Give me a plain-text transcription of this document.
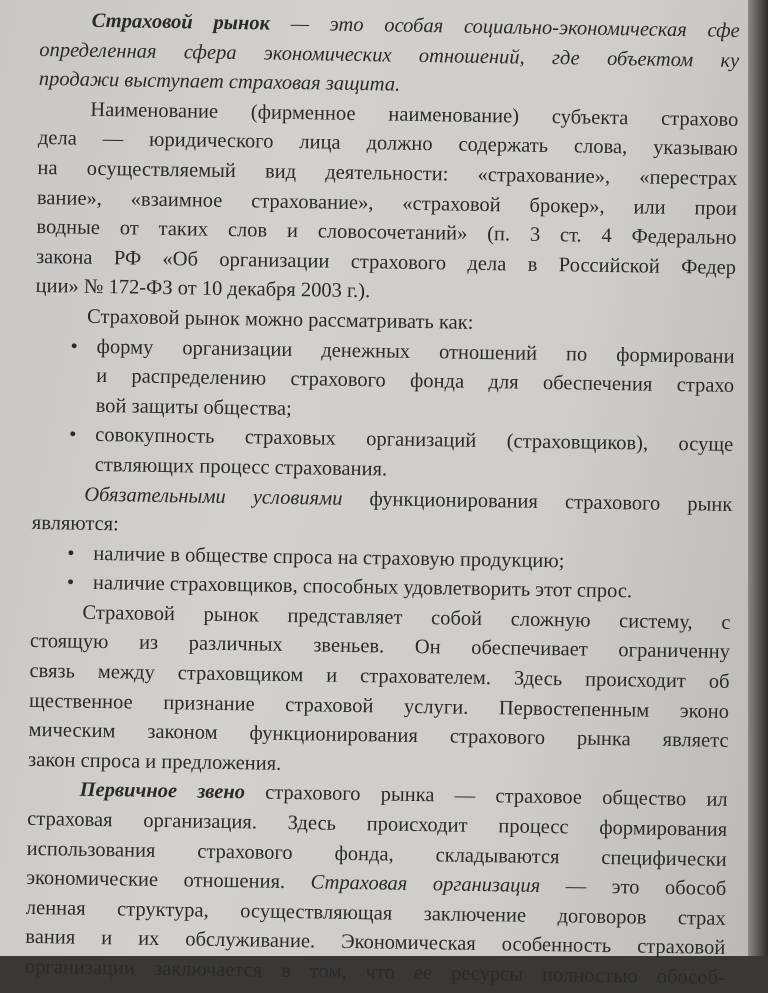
Страховой рынок — это особая социально-экономическая сфе
определенная сфера экономических отношений, где объектом ку
продажи выступает страховая защита.
Наименование (фирменное наименование) субъекта страхово
дела — юридического лица должно содержать слова, указываю
на осуществляемый вид деятельности: «страхование», «перестрах
вание», «взаимное страхование», «страховой брокер», или прои
водные от таких слов и словосочетаний» (п. 3 ст. 4 Федерально
закона РФ «Об организации страхового дела в Российской Федер
ции» № 172-ФЗ от 10 декабря 2003 г.).
Страховой рынок можно рассматривать как:
• форму организации денежных отношений по формировани
и распределению страхового фонда для обеспечения страхо
вой защиты общества;
• совокупность страховых организаций (страховщиков), осуще
ствляющих процесс страхования.
Обязательными условиями функционирования страхового рынк
являются:
• наличие в обществе спроса на страховую продукцию;
• наличие страховщиков, способных удовлетворить этот спрос.
Страховой рынок представляет собой сложную систему, с
стоящую из различных звеньев. Он обеспечивает ограниченну
связь между страховщиком и страхователем. Здесь происходит об
щественное признание страховой услуги. Первостепенным эконо
мическим законом функционирования страхового рынка являетс
закон спроса и предложения.
Первичное звено страхового рынка — страховое общество ил
страховая организация. Здесь происходит процесс формирования
использования страхового фонда, складываются специфически
экономические отношения. Страховая организация — это обособ
ленная структура, осуществляющая заключение договоров страх
вания и их обслуживание. Экономическая особенность страховой
организации заключается в том, что ее ресурсы полностью обособ-
